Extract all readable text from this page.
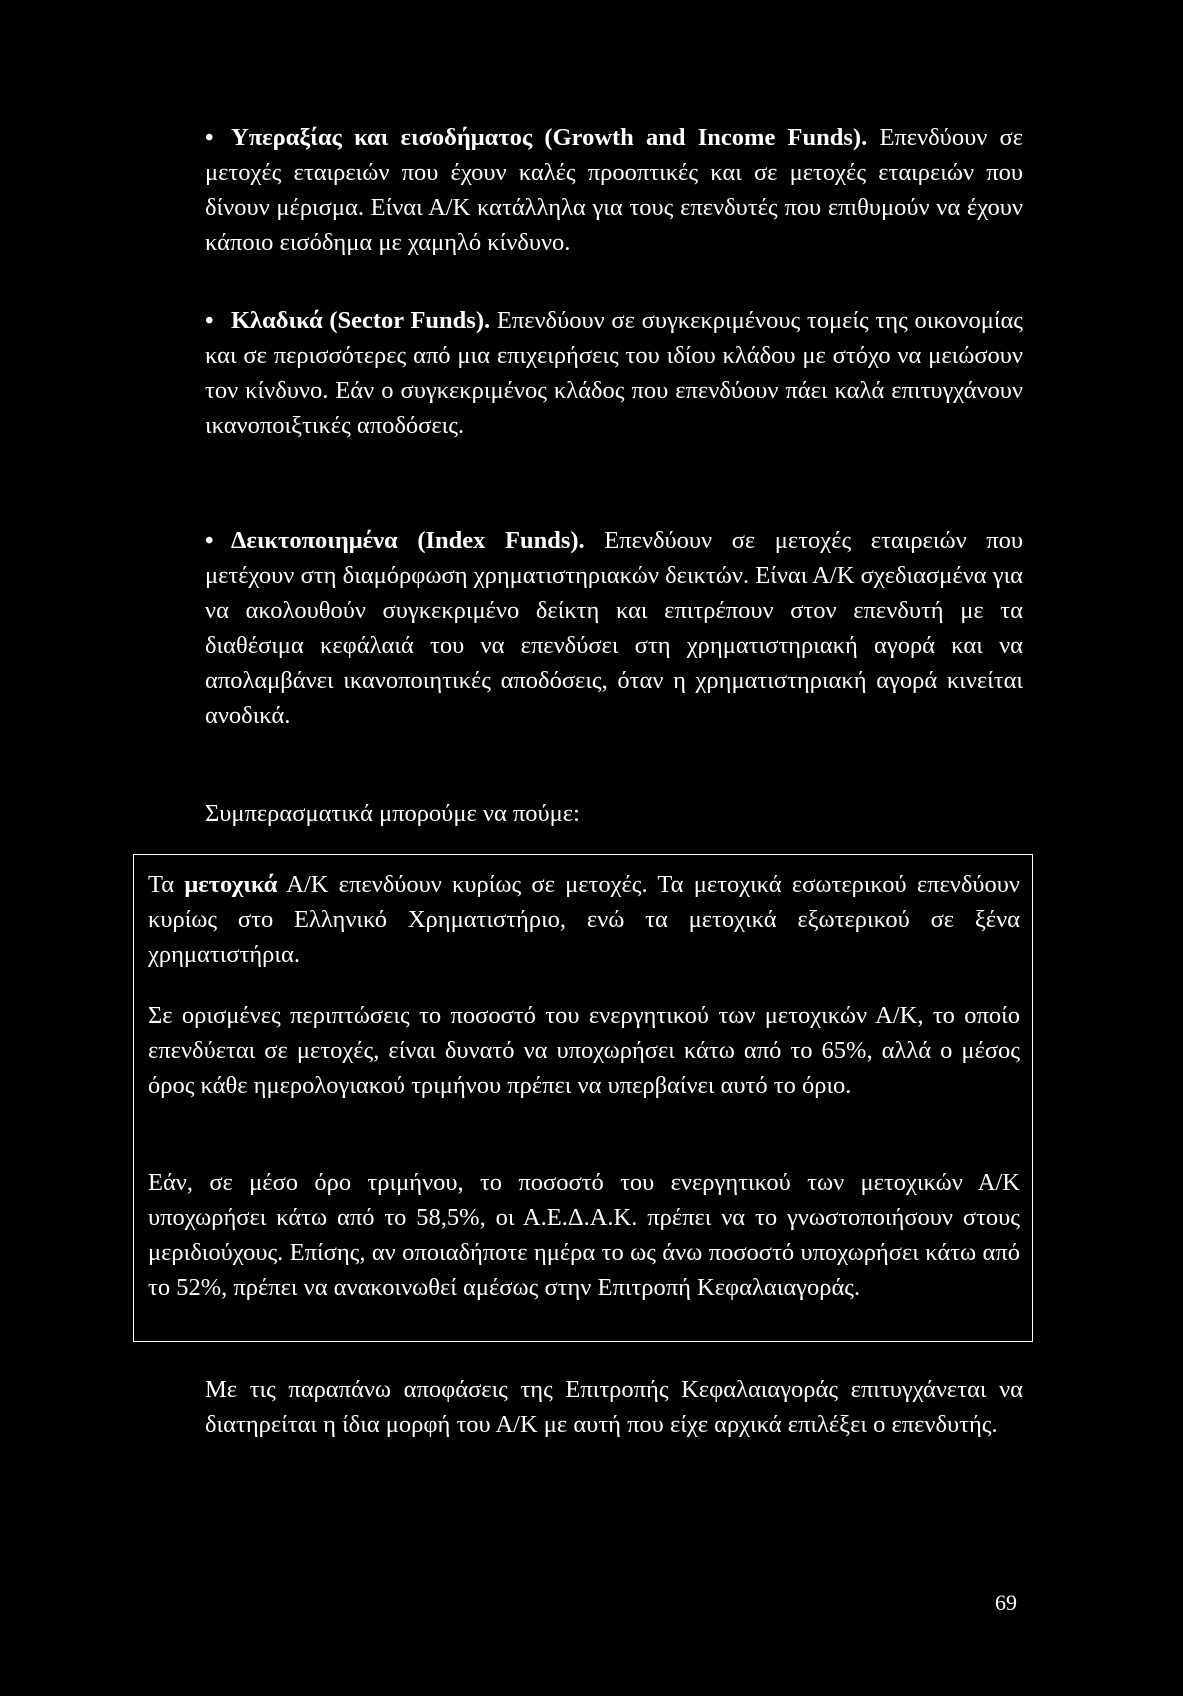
• Υπεραξίας και εισοδήματος (Growth and Income Funds). Επενδύουν σε μετοχές εταιρειών που έχουν καλές προοπτικές και σε μετοχές εταιρειών που δίνουν μέρισμα. Είναι Α/Κ κατάλληλα για τους επενδυτές που επιθυμούν να έχουν κάποιο εισόδημα με χαμηλό κίνδυνο.
• Κλαδικά (Sector Funds). Επενδύουν σε συγκεκριμένους τομείς της οικονομίας και σε περισσότερες από μια επιχειρήσεις του ιδίου κλάδου με στόχο να μειώσουν τον κίνδυνο. Εάν ο συγκεκριμένος κλάδος που επενδύουν πάει καλά επιτυγχάνουν ικανοποιξτικές αποδόσεις.
• Δεικτοποιημένα (Index Funds). Επενδύουν σε μετοχές εταιρειών που μετέχουν στη διαμόρφωση χρηματιστηριακών δεικτών. Είναι Α/Κ σχεδιασμένα για να ακολουθούν συγκεκριμένο δείκτη και επιτρέπουν στον επενδυτή με τα διαθέσιμα κεφάλαιά του να επενδύσει στη χρηματιστηριακή αγορά και να απολαμβάνει ικανοποιητικές αποδόσεις, όταν η χρηματιστηριακή αγορά κινείται ανοδικά.
Συμπερασματικά μπορούμε να πούμε:
Τα μετοχικά Α/Κ επενδύουν κυρίως σε μετοχές. Τα μετοχικά εσωτερικού επενδύουν κυρίως στο Ελληνικό Χρηματιστήριο, ενώ τα μετοχικά εξωτερικού σε ξένα χρηματιστήρια.
Σε ορισμένες περιπτώσεις το ποσοστό του ενεργητικού των μετοχικών Α/Κ, το οποίο επενδύεται σε μετοχές, είναι δυνατό να υποχωρήσει κάτω από το 65%, αλλά ο μέσος όρος κάθε ημερολογιακού τριμήνου πρέπει να υπερβαίνει αυτό το όριο.
Εάν, σε μέσο όρο τριμήνου, το ποσοστό του ενεργητικού των μετοχικών Α/Κ υποχωρήσει κάτω από το 58,5%, οι Α.Ε.Δ.Α.Κ. πρέπει να το γνωστοποιήσουν στους μεριδιούχους. Επίσης, αν οποιαδήποτε ημέρα το ως άνω ποσοστό υποχωρήσει κάτω από το 52%, πρέπει να ανακοινωθεί αμέσως στην Επιτροπή Κεφαλαιαγοράς.
Με τις παραπάνω αποφάσεις της Επιτροπής Κεφαλαιαγοράς επιτυγχάνεται να διατηρείται η ίδια μορφή του Α/Κ με αυτή που είχε αρχικά επιλέξει ο επενδυτής.
69
